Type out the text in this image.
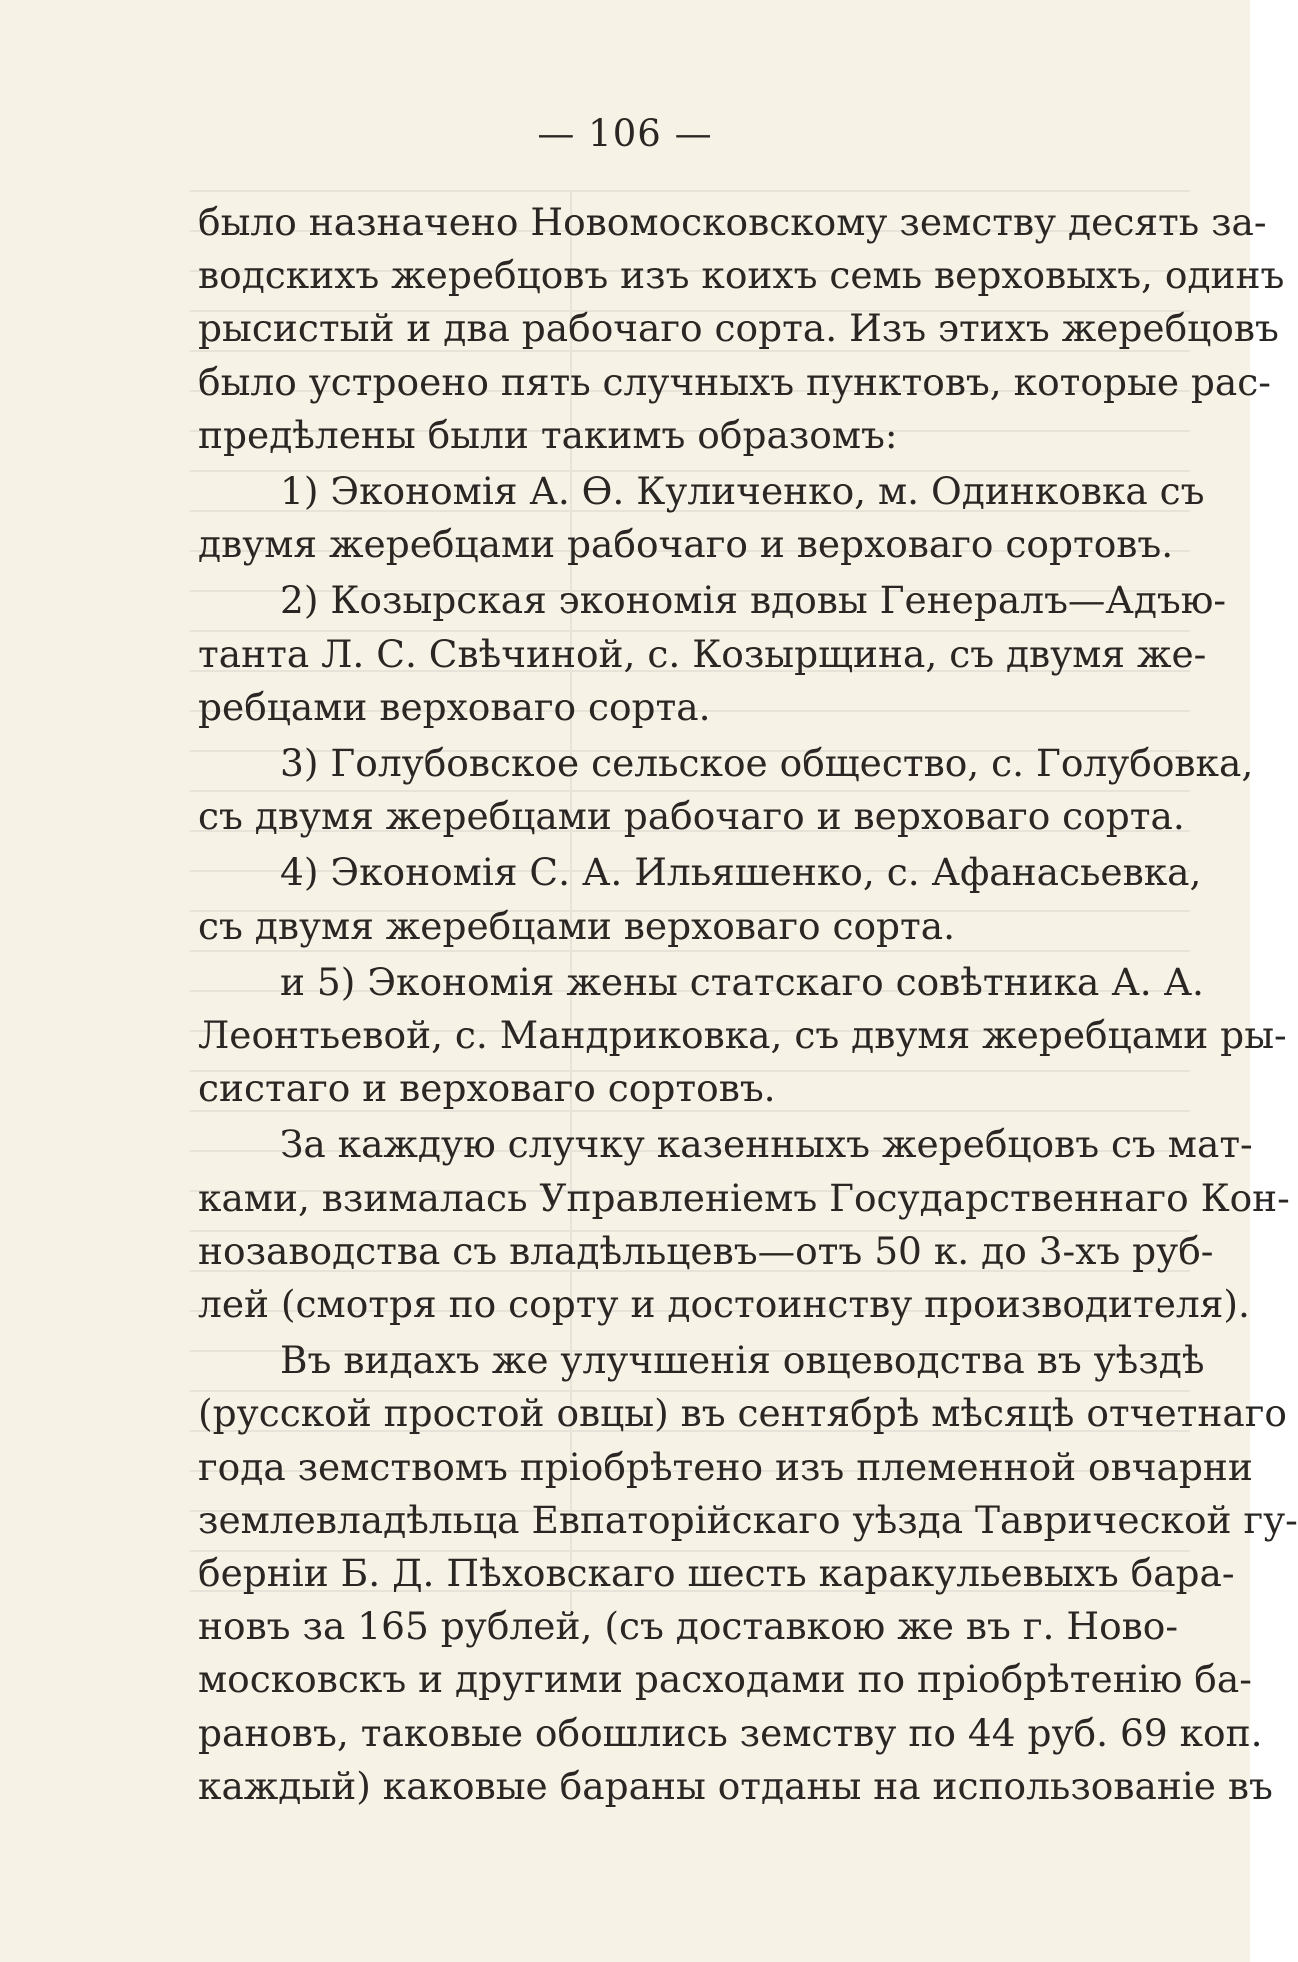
— 106 —
было назначено Новомосковскому земству десять за-
водскихъ жеребцовъ изъ коихъ семь верховыхъ, одинъ
рысистый и два рабочаго сорта. Изъ этихъ жеребцовъ
было устроено пять случныхъ пунктовъ, которые рас-
предѣлены были такимъ образомъ:
1) Экономія А. Ѳ. Куличенко, м. Одинковка съ
двумя жеребцами рабочаго и верховаго сортовъ.
2) Козырская экономія вдовы Генералъ—Адъю-
танта Л. С. Свѣчиной, с. Козырщина, съ двумя же-
ребцами верховаго сорта.
3) Голубовское сельское общество, с. Голубовка,
съ двумя жеребцами рабочаго и верховаго сорта.
4) Экономія С. А. Ильяшенко, с. Афанасьевка,
съ двумя жеребцами верховаго сорта.
и 5) Экономія жены статскаго совѣтника А. А.
Леонтьевой, с. Мандриковка, съ двумя жеребцами ры-
систаго и верховаго сортовъ.
За каждую случку казенныхъ жеребцовъ съ мат-
ками, взималась Управленіемъ Государственнаго Кон-
нозаводства съ владѣльцевъ—отъ 50 к. до 3-хъ руб-
лей (смотря по сорту и достоинству производителя).
Въ видахъ же улучшенія овцеводства въ уѣздѣ
(русской простой овцы) въ сентябрѣ мѣсяцѣ отчетнаго
года земствомъ пріобрѣтено изъ племенной овчарни
землевладѣльца Евпаторійскаго уѣзда Таврической гу-
берніи Б. Д. Пѣховскаго шесть каракульевыхъ бара-
новъ за 165 рублей, (съ доставкою же въ г. Ново-
московскъ и другими расходами по пріобрѣтенію ба-
рановъ, таковые обошлись земству по 44 руб. 69 коп.
каждый) каковые бараны отданы на использованіе въ
